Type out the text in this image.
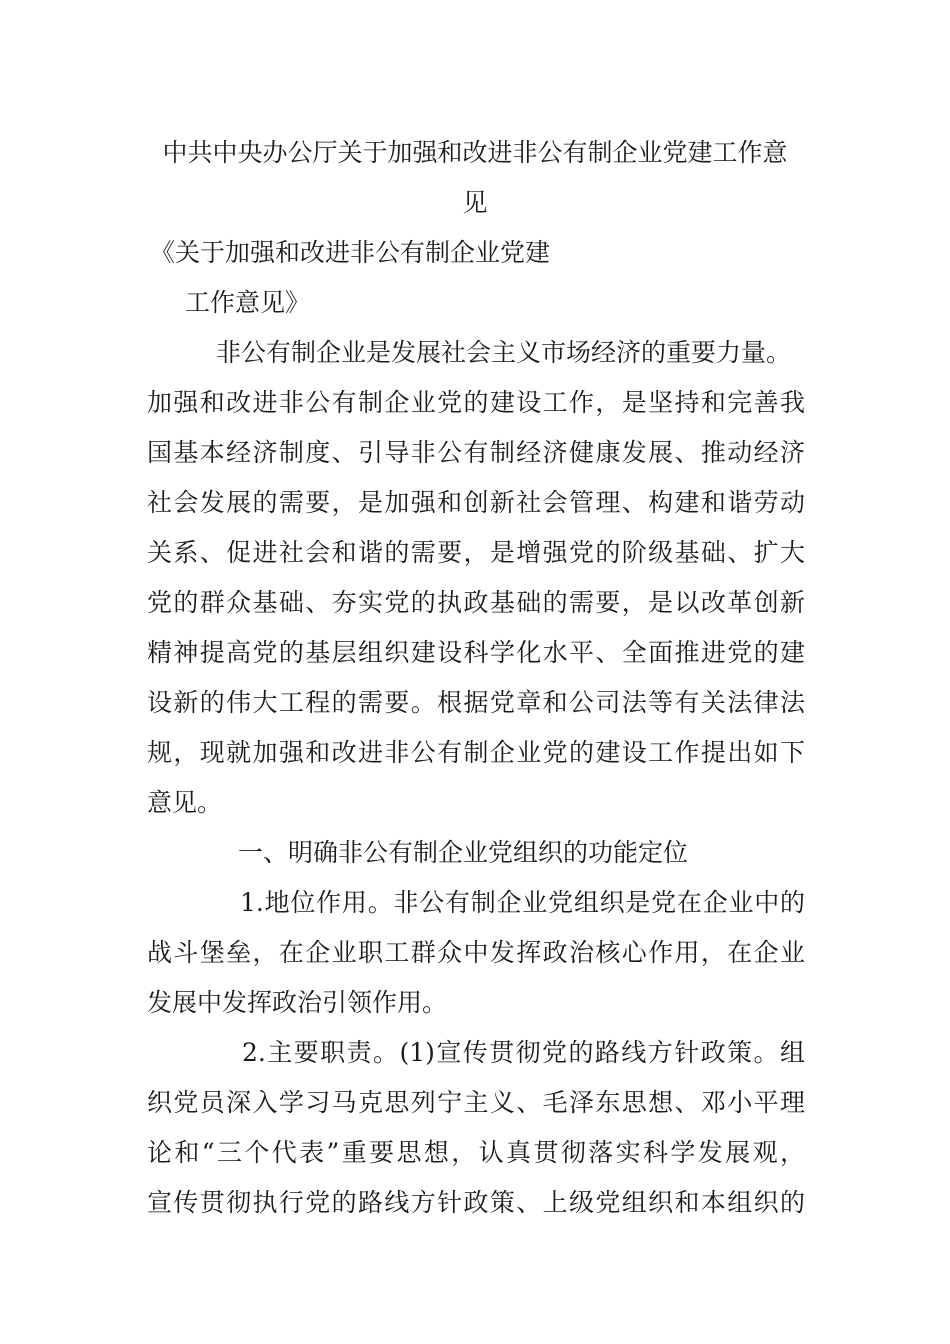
中共中央办公厅关于加强和改进非公有制企业党建工作意
见
《关于加强和改进非公有制企业党建
工作意见》
非公有制企业是发展社会主义市场经济的重要力量。
加强和改进非公有制企业党的建设工作，是坚持和完善我
国基本经济制度、引导非公有制经济健康发展、推动经济
社会发展的需要，是加强和创新社会管理、构建和谐劳动
关系、促进社会和谐的需要，是增强党的阶级基础、扩大
党的群众基础、夯实党的执政基础的需要，是以改革创新
精神提高党的基层组织建设科学化水平、全面推进党的建
设新的伟大工程的需要。根据党章和公司法等有关法律法
规，现就加强和改进非公有制企业党的建设工作提出如下
意见。
一、明确非公有制企业党组织的功能定位
1.地位作用。非公有制企业党组织是党在企业中的
战斗堡垒，在企业职工群众中发挥政治核心作用，在企业
发展中发挥政治引领作用。
2.主要职责。(1)宣传贯彻党的路线方针政策。组
织党员深入学习马克思列宁主义、毛泽东思想、邓小平理
论和“三个代表”重要思想，认真贯彻落实科学发展观，
宣传贯彻执行党的路线方针政策、上级党组织和本组织的
